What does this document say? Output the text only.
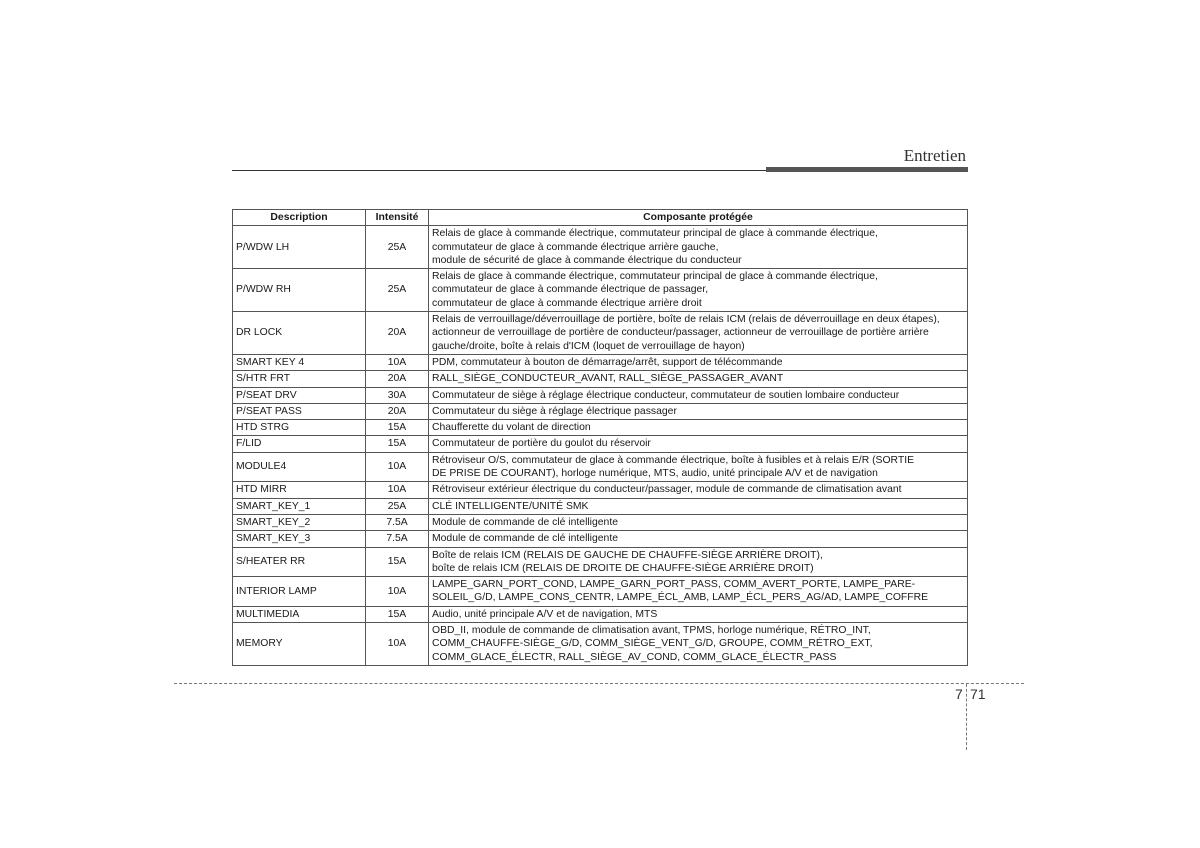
Entretien
Description	Intensité	Composante protégée
P/WDW LH	25A	Relais de glace à commande électrique, commutateur principal de glace à commande électrique,
commutateur de glace à commande électrique arrière gauche,
module de sécurité de glace à commande électrique du conducteur

P/WDW RH	25A	Relais de glace à commande électrique, commutateur principal de glace à commande électrique,
commutateur de glace à commande électrique de passager,
commutateur de glace à commande électrique arrière droit

DR LOCK	20A	Relais de verrouillage/déverrouillage de portière, boîte de relais ICM (relais de déverrouillage en deux étapes),
actionneur de verrouillage de portière de conducteur/passager, actionneur de verrouillage de portière arrière
gauche/droite, boîte à relais d'ICM (loquet de verrouillage de hayon)

SMART KEY 4	10A	PDM, commutateur à bouton de démarrage/arrêt, support de télécommande

S/HTR FRT	20A	RALL_SIÈGE_CONDUCTEUR_AVANT, RALL_SIÈGE_PASSAGER_AVANT

P/SEAT DRV	30A	Commutateur de siège à réglage électrique conducteur, commutateur de soutien lombaire conducteur

P/SEAT PASS	20A	Commutateur du siège à réglage électrique passager

HTD STRG	15A	Chaufferette du volant de direction

F/LID	15A	Commutateur de portière du goulot du réservoir

MODULE4	10A	Rétroviseur O/S, commutateur de glace à commande électrique, boîte à fusibles et à relais E/R (SORTIE
DE PRISE DE COURANT), horloge numérique, MTS, audio, unité principale A/V et de navigation

HTD MIRR	10A	Rétroviseur extérieur électrique du conducteur/passager, module de commande de climatisation avant

SMART_KEY_1	25A	CLÉ INTELLIGENTE/UNITÉ SMK

SMART_KEY_2	7.5A	Module de commande de clé intelligente

SMART_KEY_3	7.5A	Module de commande de clé intelligente

S/HEATER RR	15A	Boîte de relais ICM (RELAIS DE GAUCHE DE CHAUFFE-SIÈGE ARRIÈRE DROIT),
boîte de relais ICM (RELAIS DE DROITE DE CHAUFFE-SIÈGE ARRIÈRE DROIT)

INTERIOR LAMP	10A	LAMPE_GARN_PORT_COND, LAMPE_GARN_PORT_PASS, COMM_AVERT_PORTE, LAMPE_PARE-
SOLEIL_G/D, LAMPE_CONS_CENTR, LAMPE_ÉCL_AMB, LAMP_ÉCL_PERS_AG/AD, LAMPE_COFFRE

MULTIMEDIA	15A	Audio, unité principale A/V et de navigation, MTS

MEMORY	10A	OBD_II, module de commande de climatisation avant, TPMS, horloge numérique, RÉTRO_INT,
COMM_CHAUFFE-SIÈGE_G/D, COMM_SIÈGE_VENT_G/D, GROUPE, COMM_RÉTRO_EXT,
COMM_GLACE_ÉLECTR, RALL_SIÈGE_AV_COND, COMM_GLACE_ÉLECTR_PASS
7 71
